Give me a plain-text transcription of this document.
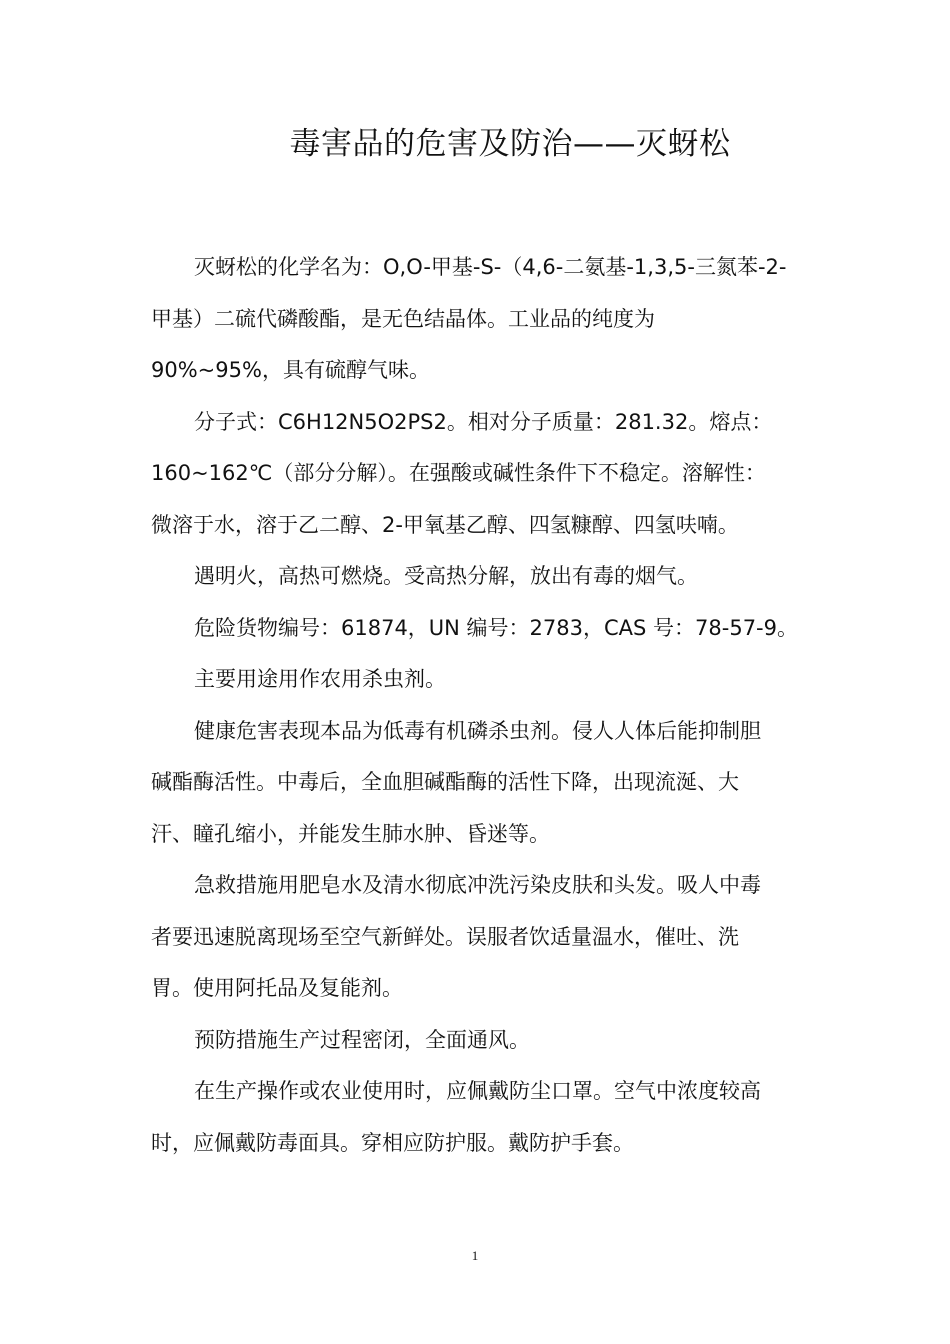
毒害品的危害及防治——灭蚜松

灭蚜松的化学名为：O,O-甲基-S-（4,6-二氨基-1,3,5-三氮苯-2-
甲基）二硫代磷酸酯，是无色结晶体。工业品的纯度为
90%~95%，具有硫醇气味。

分子式：C6H12N5O2PS2。相对分子质量：281.32。熔点：
160~162℃（部分分解）。在强酸或碱性条件下不稳定。溶解性：
微溶于水，溶于乙二醇、2-甲氧基乙醇、四氢糠醇、四氢呋喃。

遇明火，高热可燃烧。受高热分解，放出有毒的烟气。

危险货物编号：61874，UN 编号：2783，CAS 号：78-57-9。

主要用途用作农用杀虫剂。

健康危害表现本品为低毒有机磷杀虫剂。侵人人体后能抑制胆
碱酯酶活性。中毒后，全血胆碱酯酶的活性下降，出现流涎、大
汗、瞳孔缩小，并能发生肺水肿、昏迷等。

急救措施用肥皂水及清水彻底冲洗污染皮肤和头发。吸人中毒
者要迅速脱离现场至空气新鲜处。误服者饮适量温水，催吐、洗
胃。使用阿托品及复能剂。

预防措施生产过程密闭，全面通风。

在生产操作或农业使用时，应佩戴防尘口罩。空气中浓度较高
时，应佩戴防毒面具。穿相应防护服。戴防护手套。

1
